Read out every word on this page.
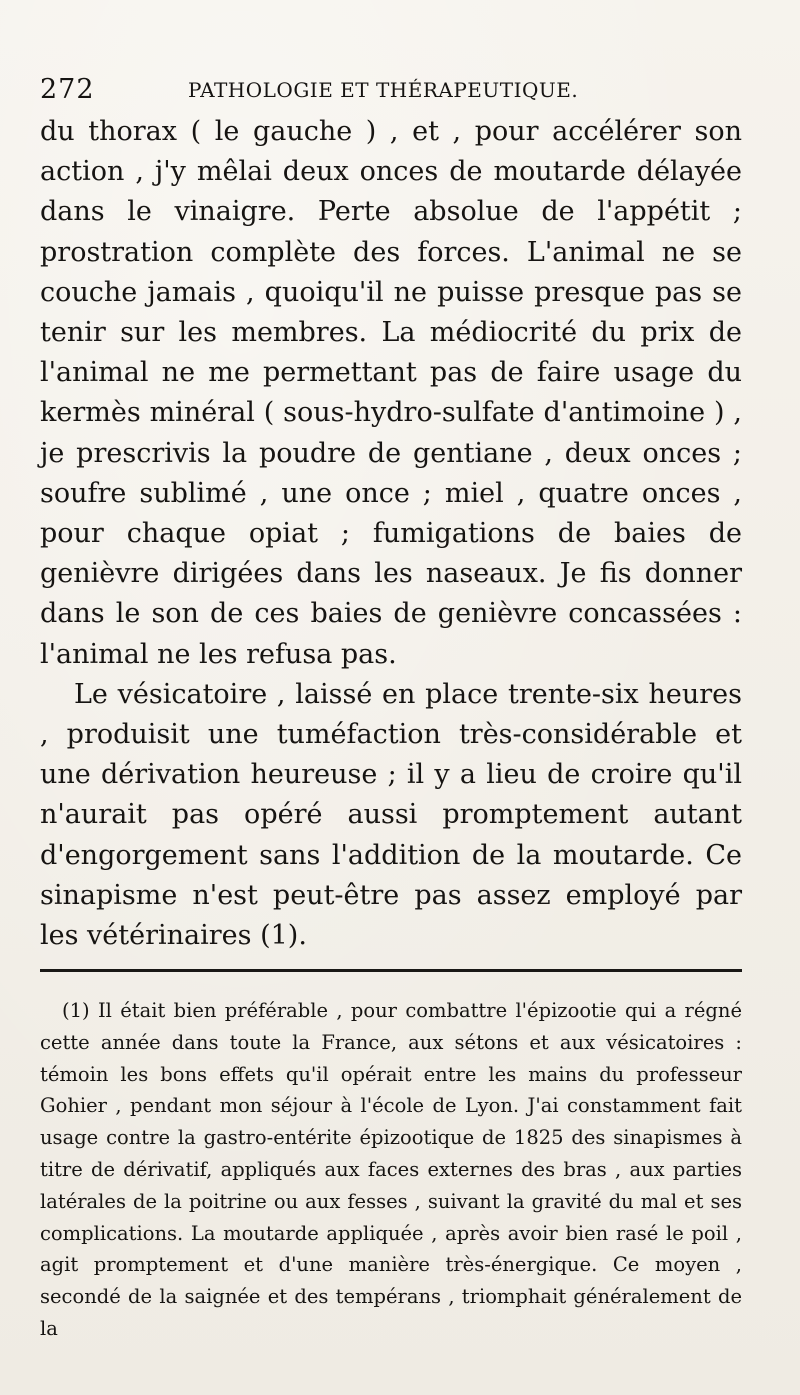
272	PATHOLOGIE ET THÉRAPEUTIQUE.

du thorax ( le gauche ) , et , pour accélérer son action , j'y mêlai deux onces de moutarde délayée dans le vinaigre. Perte absolue de l'appétit ; prostration complète des forces. L'animal ne se couche jamais , quoiqu'il ne puisse presque pas se tenir sur les membres. La médiocrité du prix de l'animal ne me permettant pas de faire usage du kermès minéral ( sous-hydro-sulfate d'antimoine ) , je prescrivis la poudre de gentiane , deux onces ; soufre sublimé , une once ; miel , quatre onces , pour chaque opiat ; fumigations de baies de genièvre dirigées dans les naseaux. Je fis donner dans le son de ces baies de genièvre concassées : l'animal ne les refusa pas.

Le vésicatoire , laissé en place trente-six heures , produisit une tuméfaction très-considérable et une dérivation heureuse ; il y a lieu de croire qu'il n'aurait pas opéré aussi promptement autant d'engorgement sans l'addition de la moutarde. Ce sinapisme n'est peut-être pas assez employé par les vétérinaires (1).

(1) Il était bien préférable , pour combattre l'épizootie qui a régné cette année dans toute la France, aux sétons et aux vésicatoires : témoin les bons effets qu'il opérait entre les mains du professeur Gohier , pendant mon séjour à l'école de Lyon. J'ai constamment fait usage contre la gastro-entérite épizootique de 1825 des sinapismes à titre de dérivatif, appliqués aux faces externes des bras , aux parties latérales de la poitrine ou aux fesses , suivant la gravité du mal et ses complications. La moutarde appliquée , après avoir bien rasé le poil , agit promptement et d'une manière très-énergique. Ce moyen , secondé de la saignée et des tempérans , triomphait généralement de la
